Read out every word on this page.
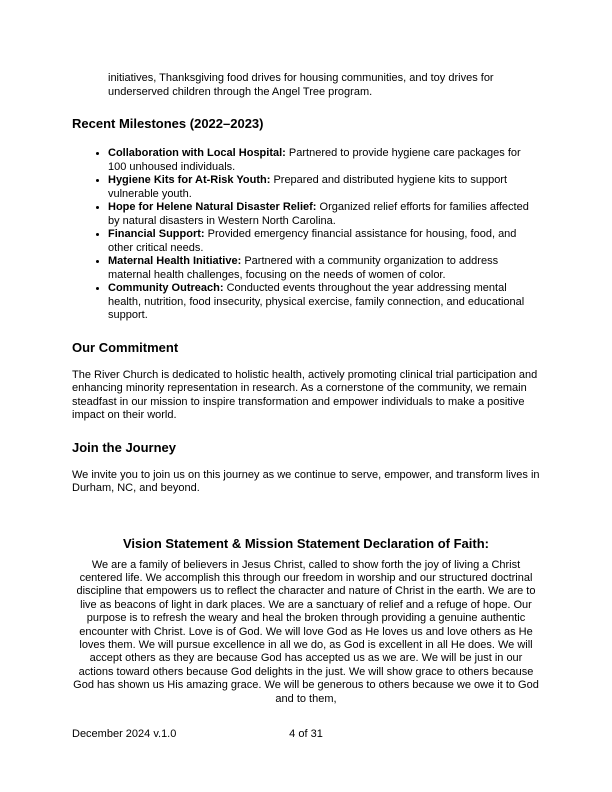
initiatives, Thanksgiving food drives for housing communities, and toy drives for underserved children through the Angel Tree program.

Recent Milestones (2022–2023)
• Collaboration with Local Hospital: Partnered to provide hygiene care packages for 100 unhoused individuals.
• Hygiene Kits for At-Risk Youth: Prepared and distributed hygiene kits to support vulnerable youth.
• Hope for Helene Natural Disaster Relief: Organized relief efforts for families affected by natural disasters in Western North Carolina.
• Financial Support: Provided emergency financial assistance for housing, food, and other critical needs.
• Maternal Health Initiative: Partnered with a community organization to address maternal health challenges, focusing on the needs of women of color.
• Community Outreach: Conducted events throughout the year addressing mental health, nutrition, food insecurity, physical exercise, family connection, and educational support.
Our Commitment

The River Church is dedicated to holistic health, actively promoting clinical trial participation and enhancing minority representation in research. As a cornerstone of the community, we remain steadfast in our mission to inspire transformation and empower individuals to make a positive impact on their world.

Join the Journey

We invite you to join us on this journey as we continue to serve, empower, and transform lives in Durham, NC, and beyond.

Vision Statement & Mission Statement Declaration of Faith:

We are a family of believers in Jesus Christ, called to show forth the joy of living a Christ centered life. We accomplish this through our freedom in worship and our structured doctrinal discipline that empowers us to reflect the character and nature of Christ in the earth. We are to live as beacons of light in dark places. We are a sanctuary of relief and a refuge of hope. Our purpose is to refresh the weary and heal the broken through providing a genuine authentic encounter with Christ. Love is of God. We will love God as He loves us and love others as He loves them. We will pursue excellence in all we do, as God is excellent in all He does. We will accept others as they are because God has accepted us as we are. We will be just in our actions toward others because God delights in the just. We will show grace to others because God has shown us His amazing grace. We will be generous to others because we owe it to God and to them,

December 2024 v.1.0	4 of 31
